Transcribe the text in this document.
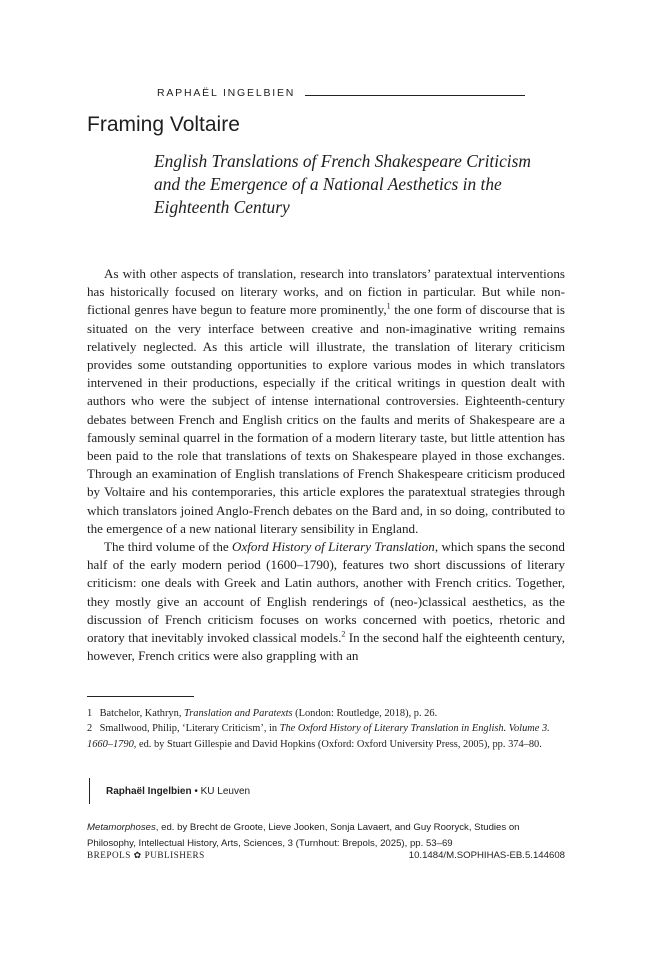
RAPHAËL INGELBIEN
Framing Voltaire
English Translations of French Shakespeare Criticism
and the Emergence of a National Aesthetics in the
Eighteenth Century

As with other aspects of translation, research into translators’ paratextual interventions has historically focused on literary works, and on fiction in particular. But while non-fictional genres have begun to feature more prominently,$^1$ the one form of discourse that is situated on the very interface between creative and non-imaginative writing remains relatively neglected. As this article will illustrate, the translation of literary criticism provides some outstanding opportunities to explore various modes in which translators intervened in their productions, especially if the critical writings in question dealt with authors who were the subject of intense international controversies. Eighteenth-century debates between French and English critics on the faults and merits of Shakespeare are a famously seminal quarrel in the formation of a modern literary taste, but little attention has been paid to the role that translations of texts on Shakespeare played in those exchanges. Through an examination of English translations of French Shakespeare criticism produced by Voltaire and his contemporaries, this article explores the paratextual strategies through which translators joined Anglo-French debates on the Bard and, in so doing, contributed to the emergence of a new national literary sensibility in England.

The third volume of the Oxford History of Literary Translation, which spans the second half of the early modern period (1600–1790), features two short discussions of literary criticism: one deals with Greek and Latin authors, another with French critics. Together, they mostly give an account of English renderings of (neo-)classical aesthetics, as the discussion of French criticism focuses on works concerned with poetics, rhetoric and oratory that inevitably invoked classical models.$^2$ In the second half the eighteenth century, however, French critics were also grappling with an

1 Batchelor, Kathryn, Translation and Paratexts (London: Routledge, 2018), p. 26.
2 Smallwood, Philip, ‘Literary Criticism’, in The Oxford History of Literary Translation in English. Volume 3. 1660–1790, ed. by Stuart Gillespie and David Hopkins (Oxford: Oxford University Press, 2005), pp. 374–80.
Raphaël Ingelbien • KU Leuven
Metamorphoses, ed. by Brecht de Groote, Lieve Jooken, Sonja Lavaert, and Guy Rooryck, Studies on Philosophy, Intellectual History, Arts, Sciences, 3 (Turnhout: Brepols, 2025), pp. 53–69
BREPOLS ✿ PUBLISHERS	10.1484/M.SOPHIHAS-EB.5.144608
